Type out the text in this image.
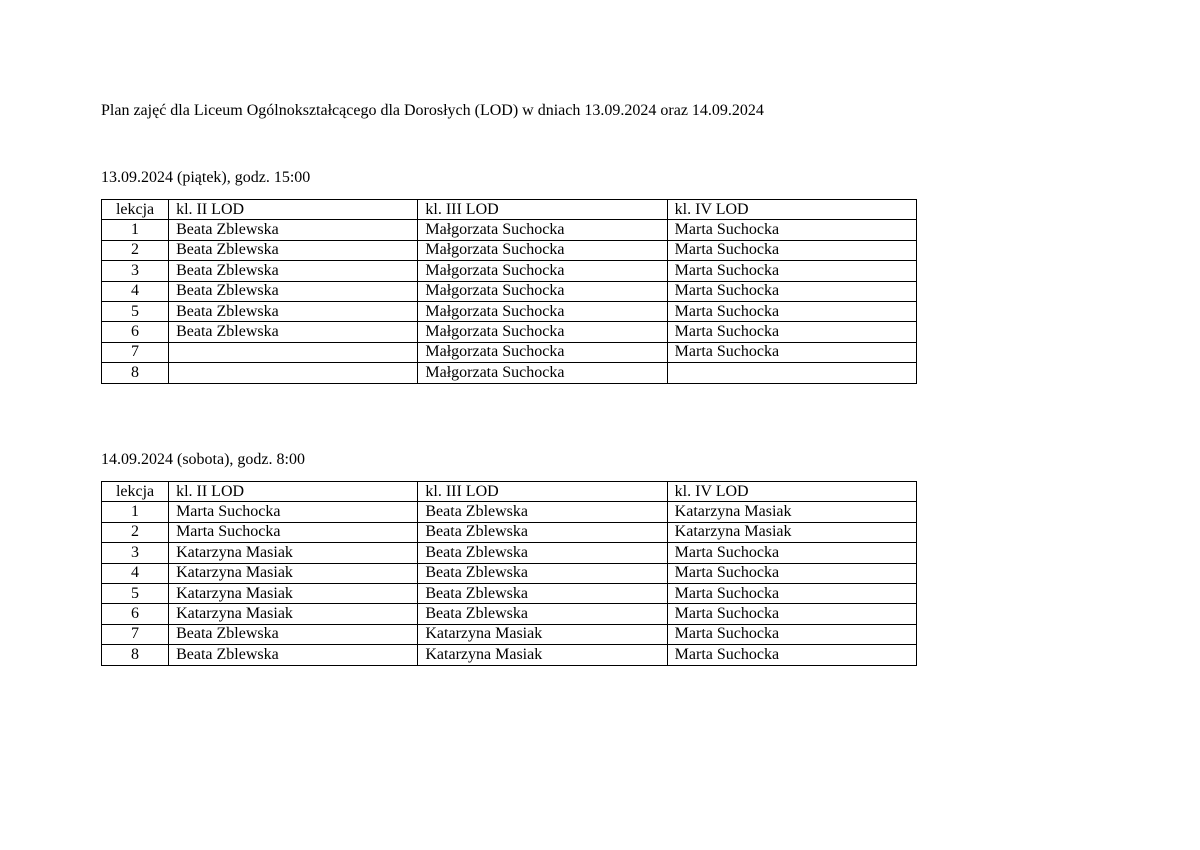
Plan zajęć dla Liceum Ogólnokształcącego dla Dorosłych (LOD) w dniach 13.09.2024 oraz 14.09.2024
13.09.2024 (piątek), godz. 15:00
lekcja	kl. II LOD	kl. III LOD	kl. IV LOD
1	Beata Zblewska	Małgorzata Suchocka	Marta Suchocka
2	Beata Zblewska	Małgorzata Suchocka	Marta Suchocka
3	Beata Zblewska	Małgorzata Suchocka	Marta Suchocka
4	Beata Zblewska	Małgorzata Suchocka	Marta Suchocka
5	Beata Zblewska	Małgorzata Suchocka	Marta Suchocka
6	Beata Zblewska	Małgorzata Suchocka	Marta Suchocka
7		Małgorzata Suchocka	Marta Suchocka
8		Małgorzata Suchocka	
14.09.2024 (sobota), godz. 8:00
lekcja	kl. II LOD	kl. III LOD	kl. IV LOD
1	Marta Suchocka	Beata Zblewska	Katarzyna Masiak
2	Marta Suchocka	Beata Zblewska	Katarzyna Masiak
3	Katarzyna Masiak	Beata Zblewska	Marta Suchocka
4	Katarzyna Masiak	Beata Zblewska	Marta Suchocka
5	Katarzyna Masiak	Beata Zblewska	Marta Suchocka
6	Katarzyna Masiak	Beata Zblewska	Marta Suchocka
7	Beata Zblewska	Katarzyna Masiak	Marta Suchocka
8	Beata Zblewska	Katarzyna Masiak	Marta Suchocka
